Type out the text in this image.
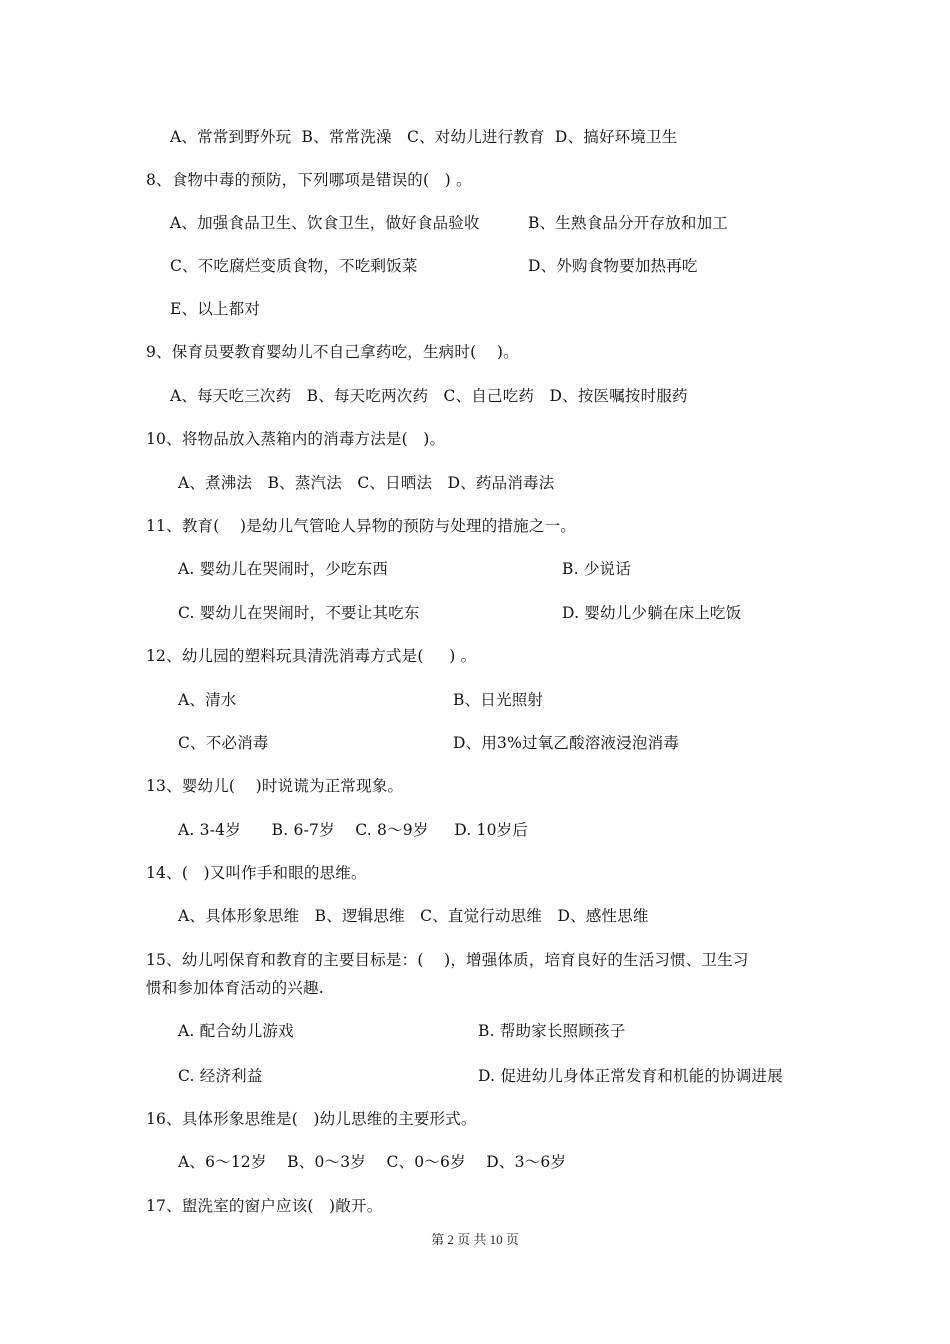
A、常常到野外玩  B、常常洗澡   C、对幼儿进行教育  D、搞好环境卫生
8、食物中毒的预防，下列哪项是错误的(   ) 。
A、加强食品卫生、饮食卫生，做好食品验收	B、生熟食品分开存放和加工
C、不吃腐烂变质食物，不吃剩饭菜	D、外购食物要加热再吃
E、以上都对
9、保育员要教育婴幼儿不自己拿药吃，生病时(    )。
A、每天吃三次药   B、每天吃两次药   C、自己吃药   D、按医嘱按时服药
10、将物品放入蒸箱内的消毒方法是(   )。
A、煮沸法   B、蒸汽法   C、日晒法   D、药品消毒法
11、教育(    )是幼儿气管呛人异物的预防与处理的措施之一。
A. 婴幼儿在哭闹时，少吃东西	B. 少说话
C. 婴幼儿在哭闹时，不要让其吃东	D. 婴幼儿少躺在床上吃饭
12、幼儿园的塑料玩具清洗消毒方式是(     ) 。
A、清水	B、日光照射
C、不必消毒	D、用3%过氧乙酸溶液浸泡消毒
13、婴幼儿(    )时说谎为正常现象。
A. 3-4岁      B. 6-7岁    C. 8～9岁     D. 10岁后
14、(   )又叫作手和眼的思维。
A、具体形象思维   B、逻辑思维   C、直觉行动思维   D、感性思维
15、幼儿吲保育和教育的主要目标是：(    )，增强体质，培育良好的生活习惯、卫生习
惯和参加体育活动的兴趣.
A. 配合幼儿游戏	B. 帮助家长照顾孩子
C. 经济利益	D. 促进幼儿身体正常发育和机能的协调进展
16、具体形象思维是(   )幼儿思维的主要形式。
A、6～12岁    B、0～3岁    C、0～6岁    D、3～6岁
17、盥洗室的窗户应该(   )敞开。
第 2 页 共 10 页
